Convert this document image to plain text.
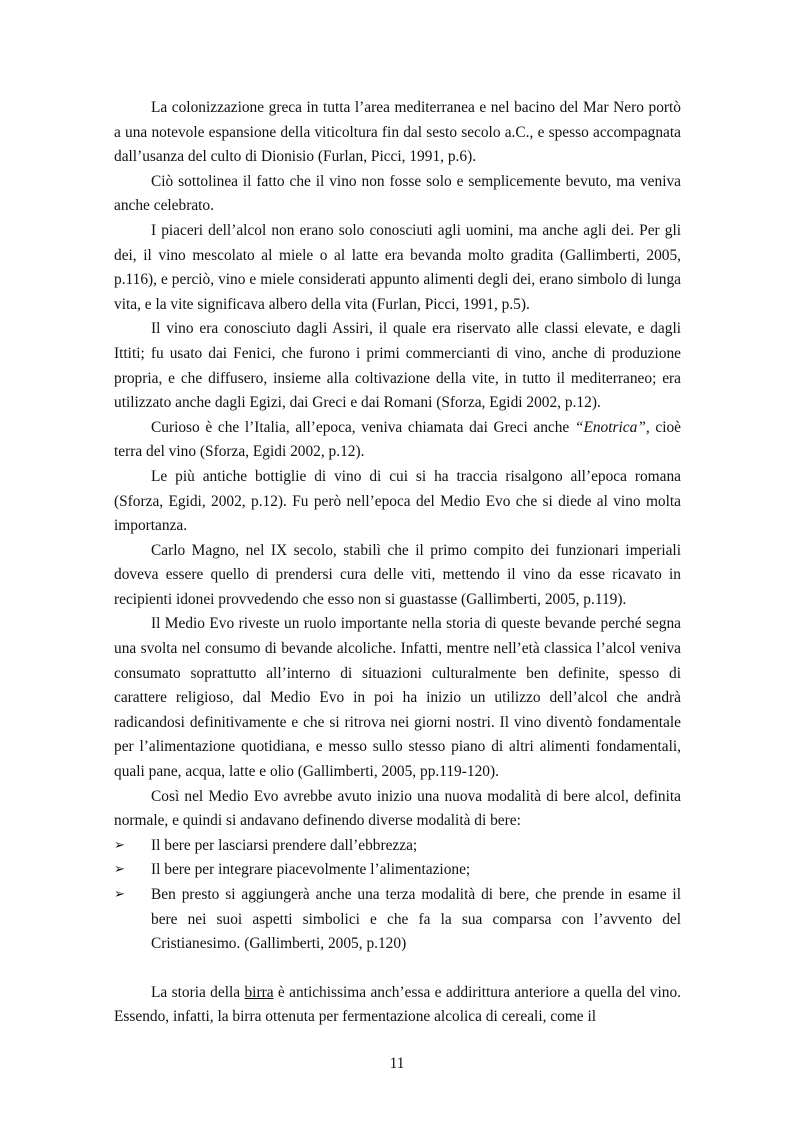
La colonizzazione greca in tutta l’area mediterranea e nel bacino del Mar Nero portò a una notevole espansione della viticoltura fin dal sesto secolo a.C., e spesso accompagnata dall’usanza del culto di Dionisio (Furlan, Picci, 1991, p.6).

Ciò sottolinea il fatto che il vino non fosse solo e semplicemente bevuto, ma veniva anche celebrato.

I piaceri dell’alcol non erano solo conosciuti agli uomini, ma anche agli dei. Per gli dei, il vino mescolato al miele o al latte era bevanda molto gradita (Gallimberti, 2005, p.116), e perciò, vino e miele considerati appunto alimenti degli dei, erano simbolo di lunga vita, e la vite significava albero della vita (Furlan, Picci, 1991, p.5).

Il vino era conosciuto dagli Assiri, il quale era riservato alle classi elevate, e dagli Ittiti; fu usato dai Fenici, che furono i primi commercianti di vino, anche di produzione propria, e che diffusero, insieme alla coltivazione della vite, in tutto il mediterraneo; era utilizzato anche dagli Egizi, dai Greci e dai Romani (Sforza, Egidi 2002, p.12).

Curioso è che l’Italia, all’epoca, veniva chiamata dai Greci anche “Enotrica”, cioè terra del vino (Sforza, Egidi 2002, p.12).

Le più antiche bottiglie di vino di cui si ha traccia risalgono all’epoca romana (Sforza, Egidi, 2002, p.12). Fu però nell’epoca del Medio Evo che si diede al vino molta importanza.

Carlo Magno, nel IX secolo, stabilì che il primo compito dei funzionari imperiali doveva essere quello di prendersi cura delle viti, mettendo il vino da esse ricavato in recipienti idonei provvedendo che esso non si guastasse (Gallimberti, 2005, p.119).

Il Medio Evo riveste un ruolo importante nella storia di queste bevande perché segna una svolta nel consumo di bevande alcoliche. Infatti, mentre nell’età classica l’alcol veniva consumato soprattutto all’interno di situazioni culturalmente ben definite, spesso di carattere religioso, dal Medio Evo in poi ha inizio un utilizzo dell’alcol che andrà radicandosi definitivamente e che si ritrova nei giorni nostri. Il vino diventò fondamentale per l’alimentazione quotidiana, e messo sullo stesso piano di altri alimenti fondamentali, quali pane, acqua, latte e olio (Gallimberti, 2005, pp.119-120).

Così nel Medio Evo avrebbe avuto inizio una nuova modalità di bere alcol, definita normale, e quindi si andavano definendo diverse modalità di bere:

➢ Il bere per lasciarsi prendere dall’ebbrezza;
➢ Il bere per integrare piacevolmente l’alimentazione;
➢ Ben presto si aggiungerà anche una terza modalità di bere, che prende in esame il bere nei suoi aspetti simbolici e che fa la sua comparsa con l’avvento del Cristianesimo. (Gallimberti, 2005, p.120)

La storia della birra è antichissima anch’essa e addirittura anteriore a quella del vino. Essendo, infatti, la birra ottenuta per fermentazione alcolica di cereali, come il

11
